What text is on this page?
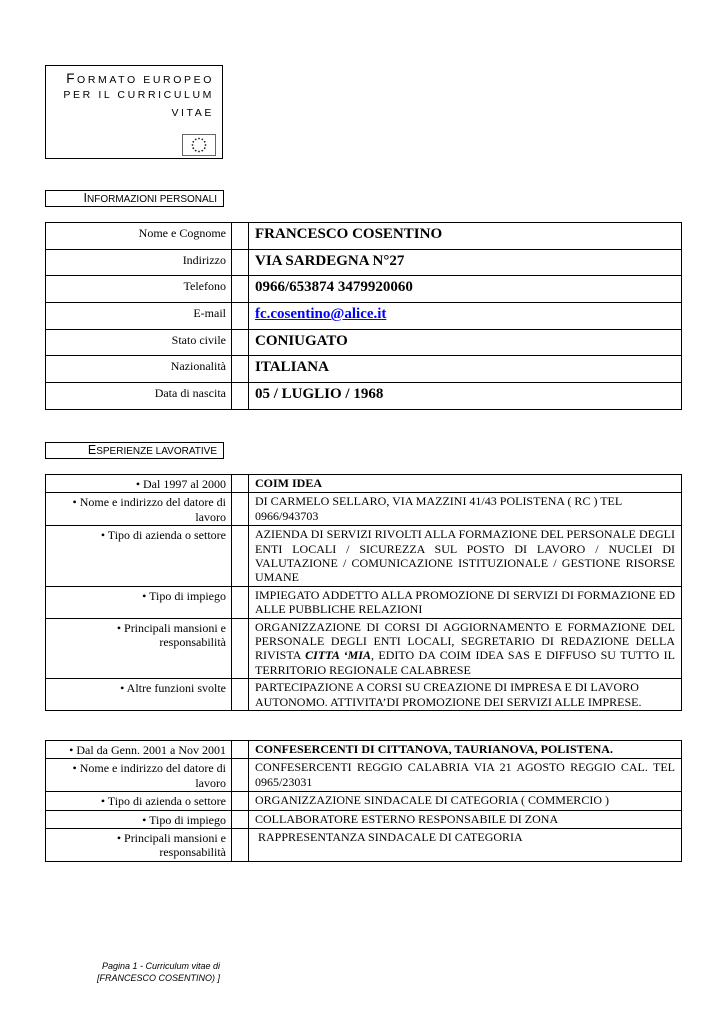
FORMATO EUROPEO
PER IL CURRICULUM
VITAE
INFORMAZIONI PERSONALI
Nome e Cognome		FRANCESCO COSENTINO
Indirizzo		VIA SARDEGNA N°27
Telefono		0966/653874 3479920060
E-mail		fc.cosentino@alice.it
Stato civile		CONIUGATO
Nazionalità		ITALIANA
Data di nascita		05 / LUGLIO / 1968
ESPERIENZE LAVORATIVE
• Dal 1997 al 2000		COIM IDEA
• Nome e indirizzo del datore di lavoro		DI CARMELO SELLARO, VIA MAZZINI 41/43 POLISTENA ( RC ) TEL 0966/943703
• Tipo di azienda o settore		AZIENDA DI SERVIZI RIVOLTI ALLA FORMAZIONE DEL PERSONALE DEGLI ENTI LOCALI / SICUREZZA SUL POSTO DI LAVORO / NUCLEI DI VALUTAZIONE / COMUNICAZIONE ISTITUZIONALE / GESTIONE RISORSE UMANE
• Tipo di impiego		IMPIEGATO ADDETTO ALLA PROMOZIONE DI SERVIZI DI FORMAZIONE ED ALLE PUBBLICHE RELAZIONI
• Principali mansioni e responsabilità		ORGANIZZAZIONE DI CORSI DI AGGIORNAMENTO E FORMAZIONE DEL PERSONALE DEGLI ENTI LOCALI, SEGRETARIO DI REDAZIONE DELLA RIVISTA CITTA ‘MIA, EDITO DA COIM IDEA SAS E DIFFUSO SU TUTTO IL TERRITORIO REGIONALE CALABRESE
• Altre funzioni svolte		PARTECIPAZIONE A CORSI SU CREAZIONE DI IMPRESA E DI LAVORO AUTONOMO. ATTIVITA’DI PROMOZIONE DEI SERVIZI ALLE IMPRESE.
• Dal da Genn. 2001 a Nov 2001		CONFESERCENTI DI CITTANOVA, TAURIANOVA, POLISTENA.
• Nome e indirizzo del datore di lavoro		CONFESERCENTI REGGIO CALABRIA VIA 21 AGOSTO REGGIO CAL. TEL 0965/23031
• Tipo di azienda o settore		ORGANIZZAZIONE SINDACALE DI CATEGORIA ( COMMERCIO )
• Tipo di impiego		COLLABORATORE ESTERNO RESPONSABILE DI ZONA
• Principali mansioni e responsabilità		RAPPRESENTANZA SINDACALE DI CATEGORIA
Pagina 1 - Curriculum vitae di
[FRANCESCO COSENTINO) ]
